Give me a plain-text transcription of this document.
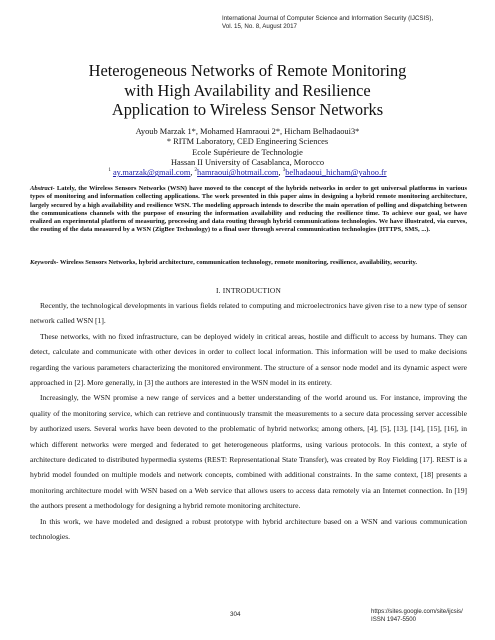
International Journal of Computer Science and Information Security (IJCSIS),
Vol. 15, No. 8, August 2017
Heterogeneous Networks of Remote Monitoring
with High Availability and Resilience
Application to Wireless Sensor Networks
Ayoub Marzak 1*, Mohamed Hamraoui 2*, Hicham Belhadaoui3*
* RITM Laboratory, CED Engineering Sciences
Ecole Supérieure de Technologie
Hassan II University of Casablanca, Morocco
$^1$ ay.marzak@gmail.com, $^2$hamraoui@hotmail.com, $^3$belhadaoui_hicham@yahoo.fr
Abstract- Lately, the Wireless Sensors Networks (WSN) have moved to the concept of the hybrids networks in order to get universal platforms in various types of monitoring and information collecting applications. The work presented in this paper aims in designing a hybrid remote monitoring architecture, largely secured by a high availability and resilience WSN. The modeling approach intends to describe the main operation of polling and dispatching between the communications channels with the purpose of ensuring the information availability and reducing the resilience time. To achieve our goal, we have realized an experimental platform of measuring, processing and data routing through hybrid communications technologies. We have illustrated, via curves, the routing of the data measured by a WSN (ZigBee Technology) to a final user through several communication technologies (HTTPS, SMS, ...).
Keywords- Wireless Sensors Networks, hybrid architecture, communication technology, remote monitoring, resilience, availability, security.
I. INTRODUCTION

Recently, the technological developments in various fields related to computing and microelectronics have given rise to a new type of sensor network called WSN [1].

These networks, with no fixed infrastructure, can be deployed widely in critical areas, hostile and difficult to access by humans. They can detect, calculate and communicate with other devices in order to collect local information. This information will be used to make decisions regarding the various parameters characterizing the monitored environment. The structure of a sensor node model and its dynamic aspect were approached in [2]. More generally, in [3] the authors are interested in the WSN model in its entirety.

Increasingly, the WSN promise a new range of services and a better understanding of the world around us. For instance, improving the quality of the monitoring service, which can retrieve and continuously transmit the measurements to a secure data processing server accessible by authorized users. Several works have been devoted to the problematic of hybrid networks; among others, [4], [5], [13], [14], [15], [16], in which different networks were merged and federated to get heterogeneous platforms, using various protocols. In this context, a style of architecture dedicated to distributed hypermedia systems (REST: Representational State Transfer), was created by Roy Fielding [17]. REST is a hybrid model founded on multiple models and network concepts, combined with additional constraints. In the same context, [18] presents a monitoring architecture model with WSN based on a Web service that allows users to access data remotely via an Internet connection. In [19] the authors present a methodology for designing a hybrid remote monitoring architecture.

In this work, we have modeled and designed a robust prototype with hybrid architecture based on a WSN and various communication technologies.

304	https://sites.google.com/site/ijcsis/
ISSN 1947-5500
